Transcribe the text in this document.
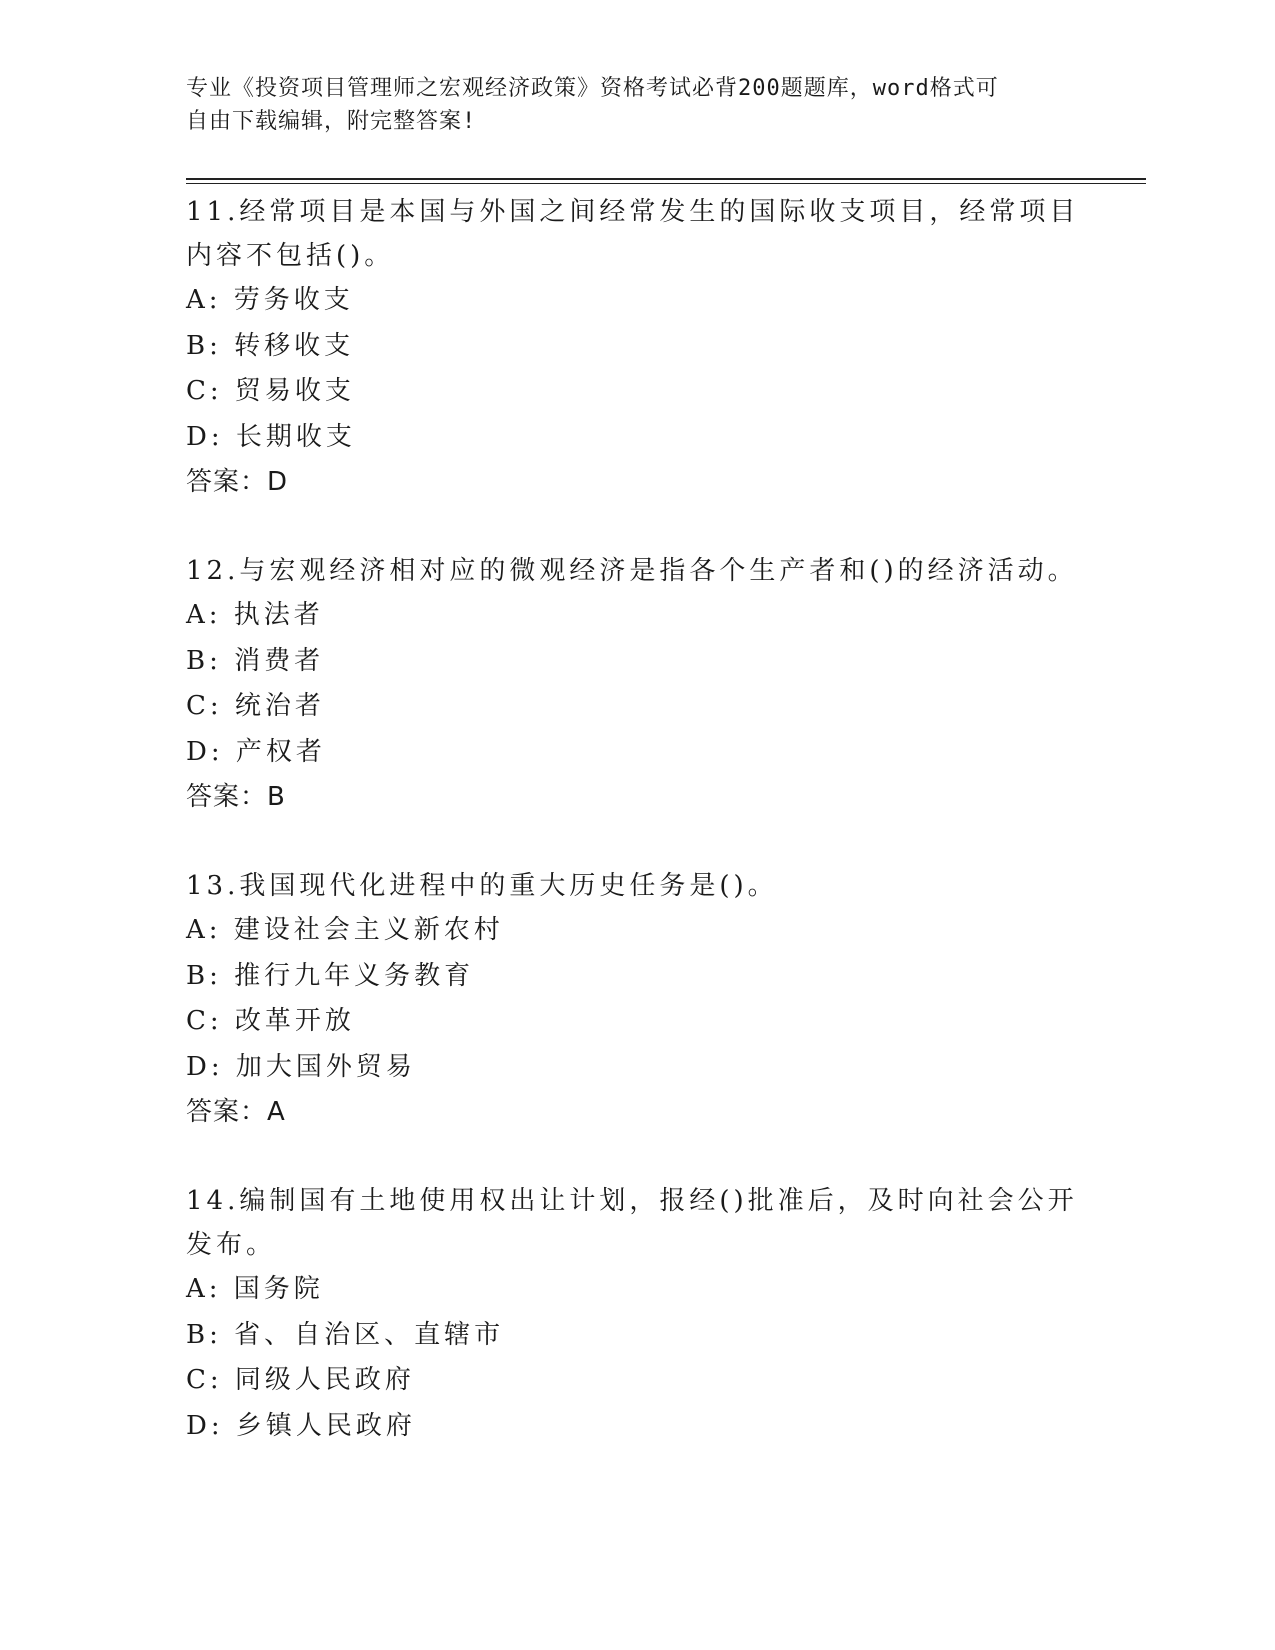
专业《投资项目管理师之宏观经济政策》资格考试必背200题题库，word格式可
自由下载编辑，附完整答案!
11.经常项目是本国与外国之间经常发生的国际收支项目，经常项目内容不包括()。
A: 劳务收支
B: 转移收支
C: 贸易收支
D: 长期收支
答案：D
12.与宏观经济相对应的微观经济是指各个生产者和()的经济活动。
A: 执法者
B: 消费者
C: 统治者
D: 产权者
答案：B
13.我国现代化进程中的重大历史任务是()。
A: 建设社会主义新农村
B: 推行九年义务教育
C: 改革开放
D: 加大国外贸易
答案：A
14.编制国有土地使用权出让计划，报经()批准后，及时向社会公开发布。
A: 国务院
B: 省、自治区、直辖市
C: 同级人民政府
D: 乡镇人民政府
